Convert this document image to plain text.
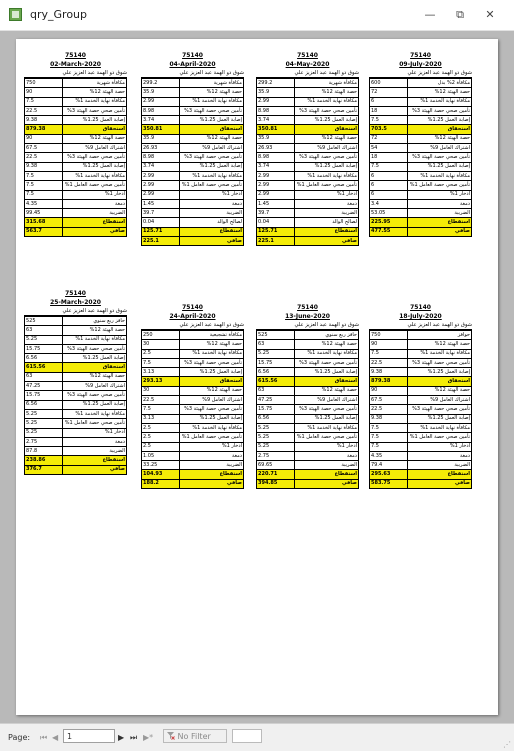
qry_Group	—	⧉	✕
75140
02-March-2020
شوق ذو الهمة عبد العزيز علي
750	مكافأة شهرية
90	حصة الهيئة 12%
7.5	مكافأة نهاية الخدمة 1%
22.5	تأمين صحي حصة الهيئة 3%
9.38	إصابة العمل 1.25%
879.38	استحقاق
90	حصة الهيئة 12%
67.5	اشتراك العامل 9%
22.5	تأمين صحي حصة الهيئة 3%
9.38	إصابة العمل 1.25%
7.5	مكافأة نهاية الخدمة 1%
7.5	تأمين صحي حصة العامل 1%
7.5	ادخار 1%
4.35	دمغة
99.45	الضريبة
315.68	استقطاع
563.7	صافي
75140
04-April-2020
شوق ذو الهمة عبد العزيز علي
299.2	مكافأة شهرية
35.9	حصة الهيئة 12%
2.99	مكافأة نهاية الخدمة 1%
8.98	تأمين صحي حصة الهيئة 3%
3.74	إصابة العمل 1.25%
350.81	استحقاق
35.9	حصة الهيئة 12%
26.93	اشتراك العامل 9%
8.98	تأمين صحي حصة الهيئة 3%
3.74	إصابة العمل 1.25%
2.99	مكافأة نهاية الخدمة 1%
2.99	تأمين صحي حصة العامل 1%
2.99	ادخار 1%
1.45	دمغة
39.7	الضريبة
0.04	لصالح الوالد
125.71	استقطاع
225.1	صافي
75140
04-May-2020
شوق ذو الهمة عبد العزيز علي
299.2	مكافأة شهرية
35.9	حصة الهيئة 12%
2.99	مكافأة نهاية الخدمة 1%
8.98	تأمين صحي حصة الهيئة 3%
3.74	إصابة العمل 1.25%
350.81	استحقاق
35.9	حصة الهيئة 12%
26.93	اشتراك العامل 9%
8.98	تأمين صحي حصة الهيئة 3%
3.74	إصابة العمل 1.25%
2.99	مكافأة نهاية الخدمة 1%
2.99	تأمين صحي حصة العامل 1%
2.99	ادخار 1%
1.45	دمغة
39.7	الضريبة
0.04	لصالح الوالد
125.71	استقطاع
225.1	صافي
75140
09-July-2020
شوق ذو الهمة عبد العزيز علي
600	مكافأة 2% بدل
72	حصة الهيئة 12%
6	مكافأة نهاية الخدمة 1%
18	تأمين صحي حصة الهيئة 3%
7.5	إصابة العمل 1.25%
703.5	استحقاق
72	حصة الهيئة 12%
54	اشتراك العامل 9%
18	تأمين صحي حصة الهيئة 3%
7.5	إصابة العمل 1.25%
6	مكافأة نهاية الخدمة 1%
6	تأمين صحي حصة العامل 1%
6	ادخار 1%
3.4	دمغة
53.05	الضريبة
225.95	استقطاع
477.55	صافي
75140
25-March-2020
شوق ذو الهمة عبد العزيز علي
525	حافز ربع سنوي
63	حصة الهيئة 12%
5.25	مكافأة نهاية الخدمة 1%
15.75	تأمين صحي حصة الهيئة 3%
6.56	إصابة العمل 1.25%
615.56	استحقاق
63	حصة الهيئة 12%
47.25	اشتراك العامل 9%
15.75	تأمين صحي حصة الهيئة 3%
6.56	إصابة العمل 1.25%
5.25	مكافأة نهاية الخدمة 1%
5.25	تأمين صحي حصة العامل 1%
5.25	ادخار 1%
2.75	دمغة
87.8	الضريبة
238.86	استقطاع
376.7	صافي
75140
24-April-2020
شوق ذو الهمة عبد العزيز علي
250	مكافأة تشجيعية
30	حصة الهيئة 12%
2.5	مكافأة نهاية الخدمة 1%
7.5	تأمين صحي حصة الهيئة 3%
3.13	إصابة العمل 1.25%
293.13	استحقاق
30	حصة الهيئة 12%
22.5	اشتراك العامل 9%
7.5	تأمين صحي حصة الهيئة 3%
3.13	إصابة العمل 1.25%
2.5	مكافأة نهاية الخدمة 1%
2.5	تأمين صحي حصة العامل 1%
2.5	ادخار 1%
1.05	دمغة
33.25	الضريبة
104.93	استقطاع
188.2	صافي
75140
13-June-2020
شوق ذو الهمة عبد العزيز علي
525	حافز ربع سنوي
63	حصة الهيئة 12%
5.25	مكافأة نهاية الخدمة 1%
15.75	تأمين صحي حصة الهيئة 3%
6.56	إصابة العمل 1.25%
615.56	استحقاق
63	حصة الهيئة 12%
47.25	اشتراك العامل 9%
15.75	تأمين صحي حصة الهيئة 3%
6.56	إصابة العمل 1.25%
5.25	مكافأة نهاية الخدمة 1%
5.25	تأمين صحي حصة العامل 1%
5.25	ادخار 1%
2.75	دمغة
69.65	الضريبة
220.71	استقطاع
394.85	صافي
75140
18-July-2020
شوق ذو الهمة عبد العزيز علي
750	حوافز
90	حصة الهيئة 12%
7.5	مكافأة نهاية الخدمة 1%
22.5	تأمين صحي حصة الهيئة 3%
9.38	إصابة العمل 1.25%
879.38	استحقاق
90	حصة الهيئة 12%
67.5	اشتراك العامل 9%
22.5	تأمين صحي حصة الهيئة 3%
9.38	إصابة العمل 1.25%
7.5	مكافأة نهاية الخدمة 1%
7.5	تأمين صحي حصة العامل 1%
7.5	ادخار 1%
4.35	دمغة
79.4	الضريبة
295.63	استقطاع
583.75	صافي
Page: ⏮ ◀	1	▶ ⏭ ▶*	No Filter
⋰
